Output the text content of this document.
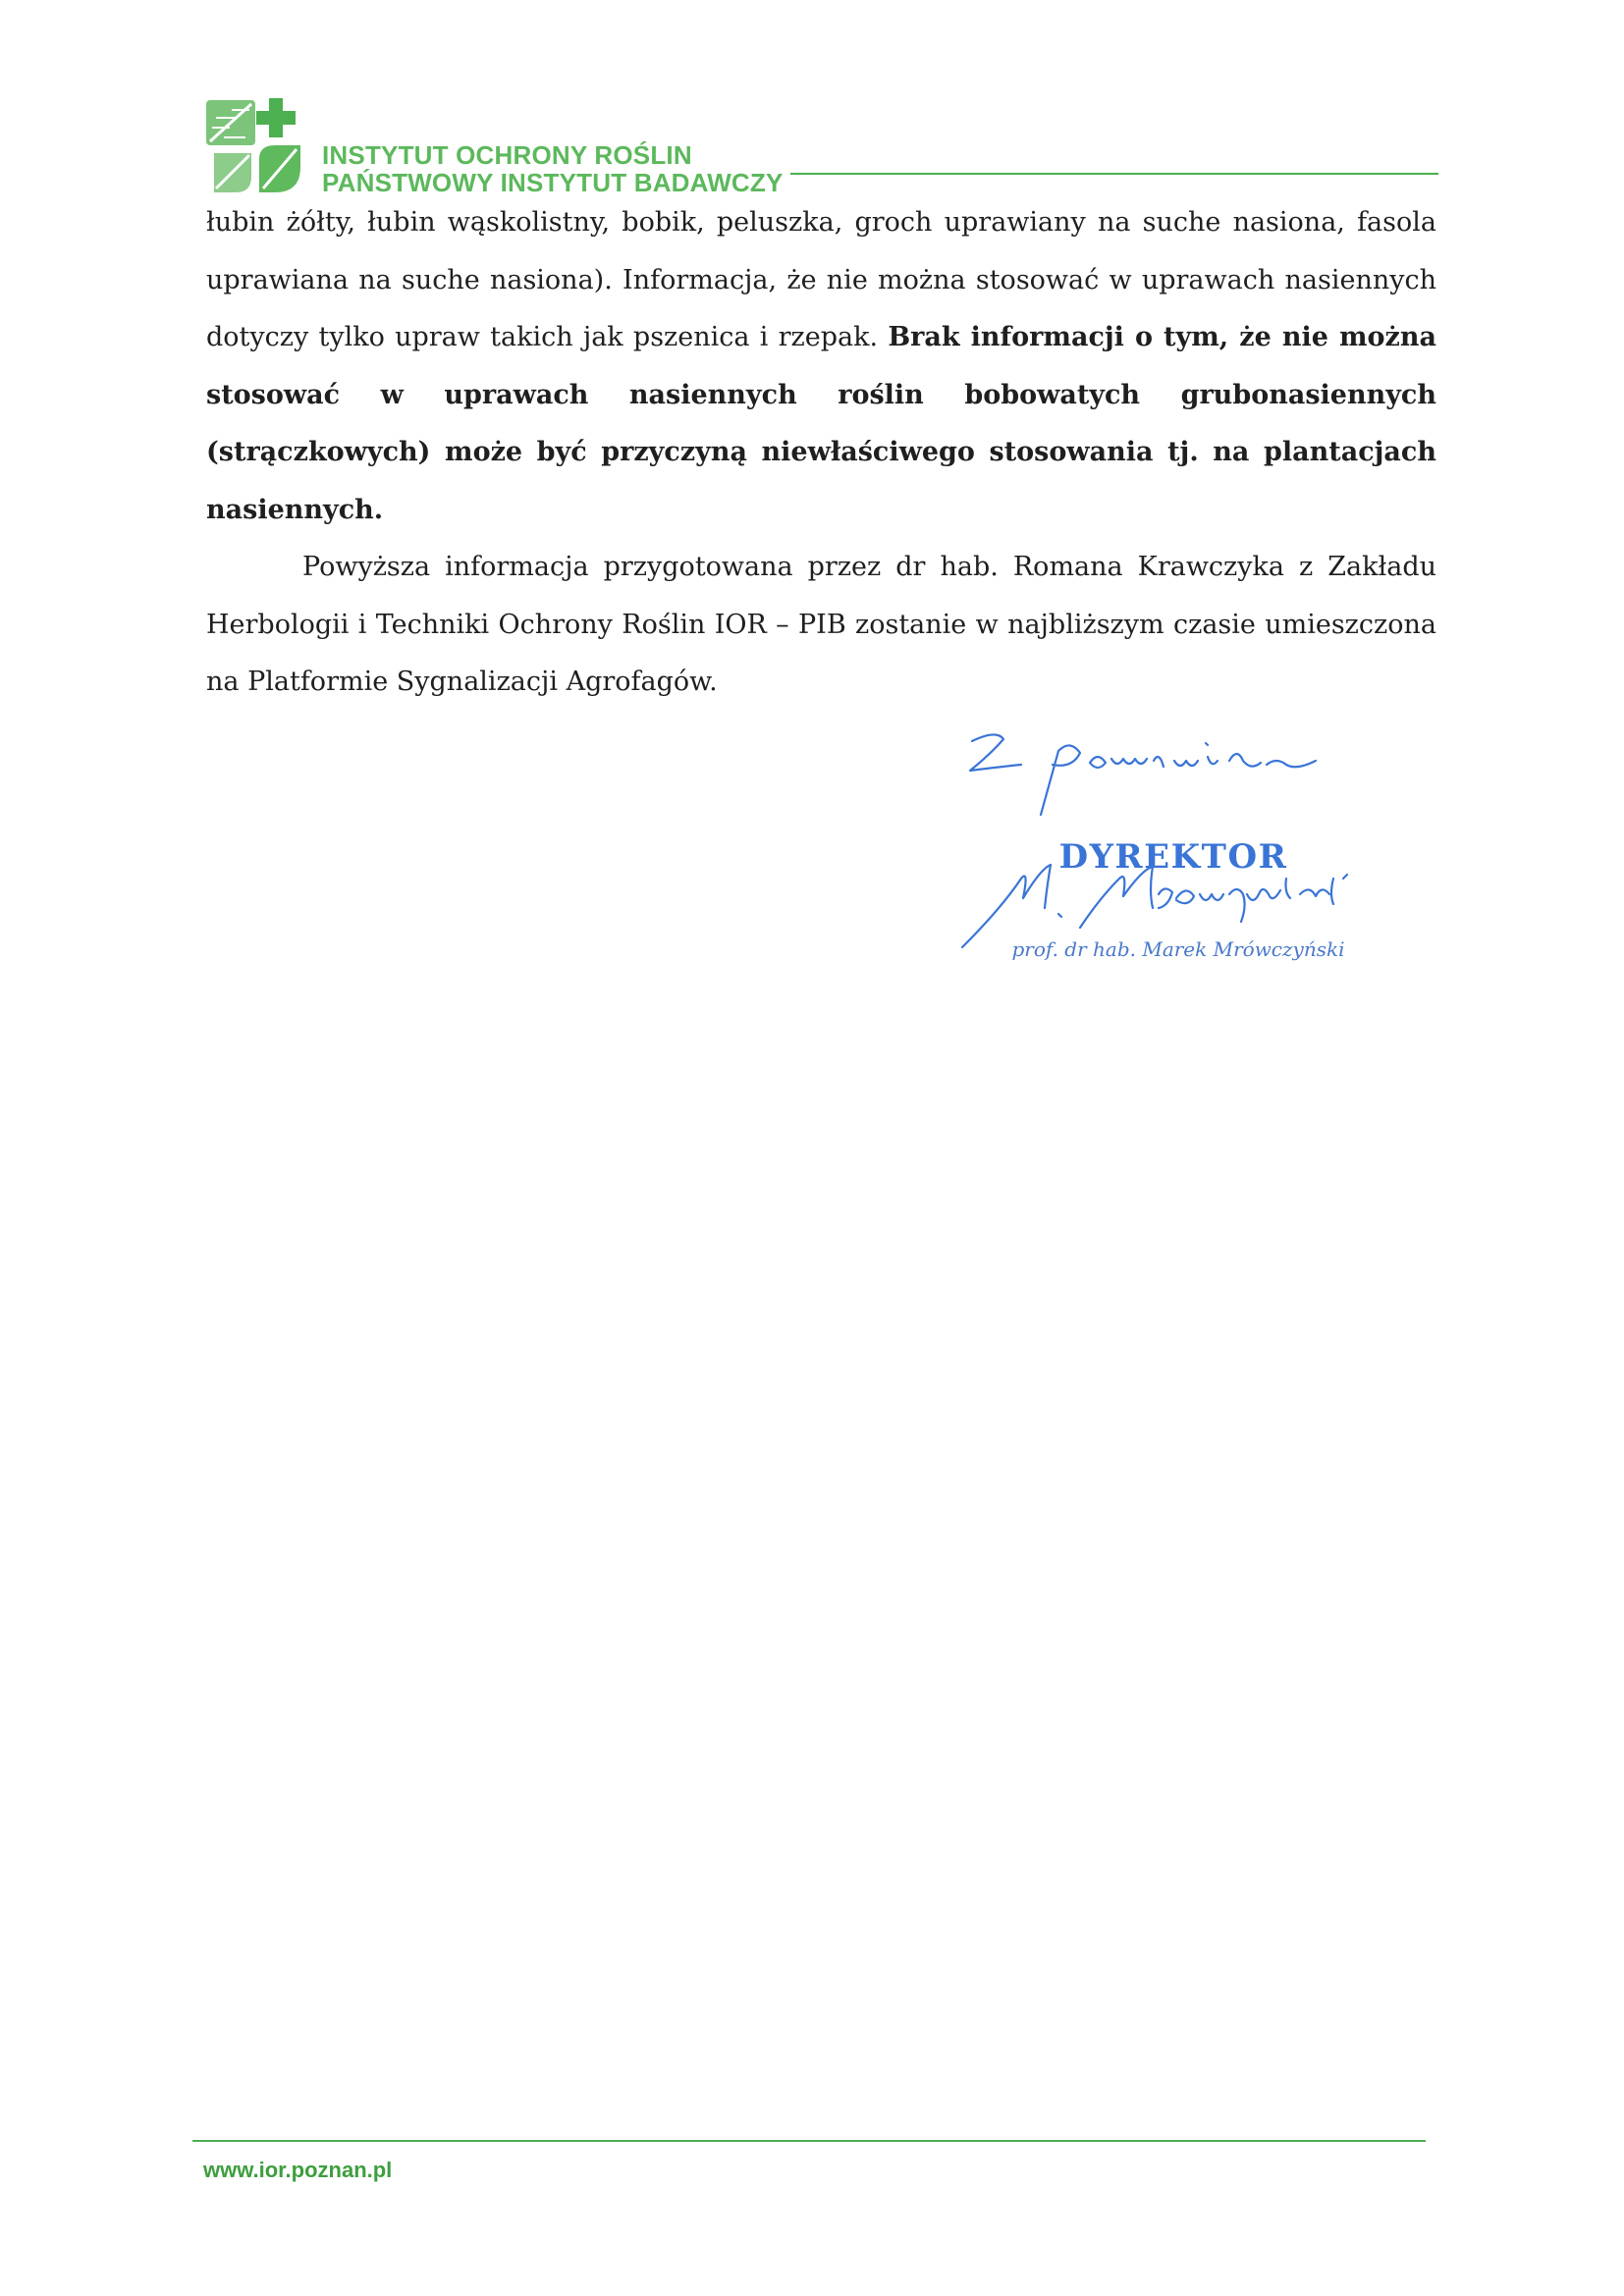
INSTYTUT OCHRONY ROŚLIN
PAŃSTWOWY INSTYTUT BADAWCZY

łubin żółty, łubin wąskolistny, bobik, peluszka, groch uprawiany na suche nasiona, fasola uprawiana na suche nasiona). Informacja, że nie można stosować w uprawach nasiennych dotyczy tylko upraw takich jak pszenica i rzepak. Brak informacji o tym, że nie można stosować w uprawach nasiennych roślin bobowatych grubonasiennych (strączkowych) może być przyczyną niewłaściwego stosowania tj. na plantacjach nasiennych.

Powyższa informacja przygotowana przez dr hab. Romana Krawczyka z Zakładu Herbologii i Techniki Ochrony Roślin IOR – PIB zostanie w najbliższym czasie umieszczona na Platformie Sygnalizacji Agrofagów.

DYREKTOR
prof. dr hab. Marek Mrówczyński
www.ior.poznan.pl
